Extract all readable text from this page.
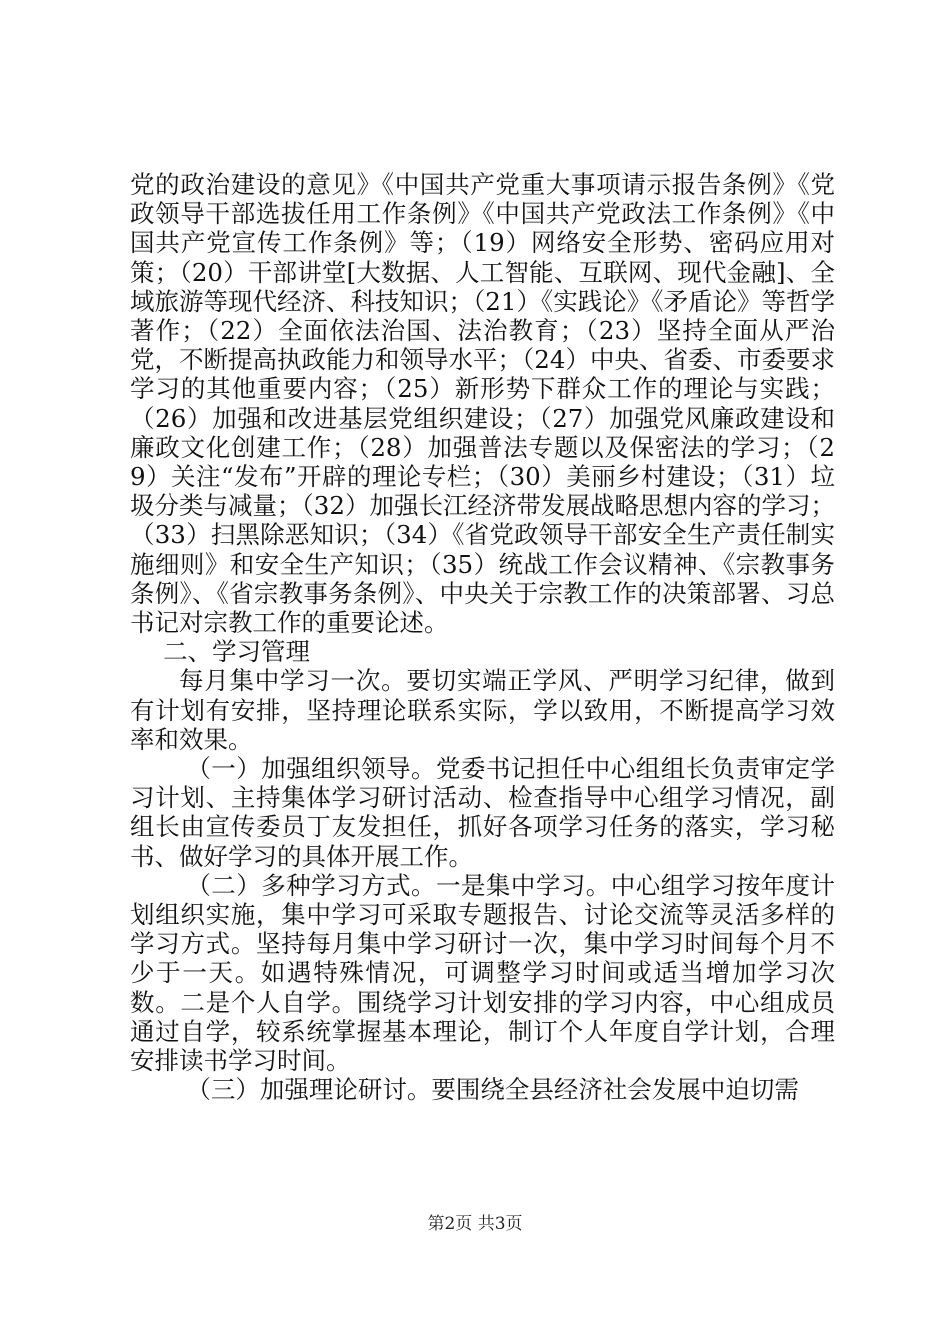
党的政治建设的意见》《中国共产党重大事项请示报告条例》《党政领导干部选拔任用工作条例》《中国共产党政法工作条例》《中国共产党宣传工作条例》等；（19）网络安全形势、密码应用对策；（20）干部讲堂[大数据、人工智能、互联网、现代金融]、全域旅游等现代经济、科技知识；（21）《实践论》《矛盾论》等哲学著作；（22）全面依法治国、法治教育；（23）坚持全面从严治党，不断提高执政能力和领导水平；（24）中央、省委、市委要求学习的其他重要内容；（25）新形势下群众工作的理论与实践；（26）加强和改进基层党组织建设；（27）加强党风廉政建设和廉政文化创建工作；（28）加强普法专题以及保密法的学习；（29）关注“发布”开辟的理论专栏；（30）美丽乡村建设；（31）垃圾分类与减量；（32）加强长江经济带发展战略思想内容的学习；（33）扫黑除恶知识；（34）《省党政领导干部安全生产责任制实施细则》和安全生产知识；（35）统战工作会议精神、《宗教事务条例》、《省宗教事务条例》、中央关于宗教工作的决策部署、习总书记对宗教工作的重要论述。

二、学习管理

每月集中学习一次。要切实端正学风、严明学习纪律，做到有计划有安排，坚持理论联系实际，学以致用，不断提高学习效率和效果。

（一）加强组织领导。党委书记担任中心组组长负责审定学习计划、主持集体学习研讨活动、检查指导中心组学习情况，副组长由宣传委员丁友发担任，抓好各项学习任务的落实，学习秘书、做好学习的具体开展工作。

（二）多种学习方式。一是集中学习。中心组学习按年度计划组织实施，集中学习可采取专题报告、讨论交流等灵活多样的学习方式。坚持每月集中学习研讨一次，集中学习时间每个月不少于一天。如遇特殊情况，可调整学习时间或适当增加学习次数。二是个人自学。围绕学习计划安排的学习内容，中心组成员通过自学，较系统掌握基本理论，制订个人年度自学计划，合理安排读书学习时间。

（三）加强理论研讨。要围绕全县经济社会发展中迫切需

第2页 共3页
